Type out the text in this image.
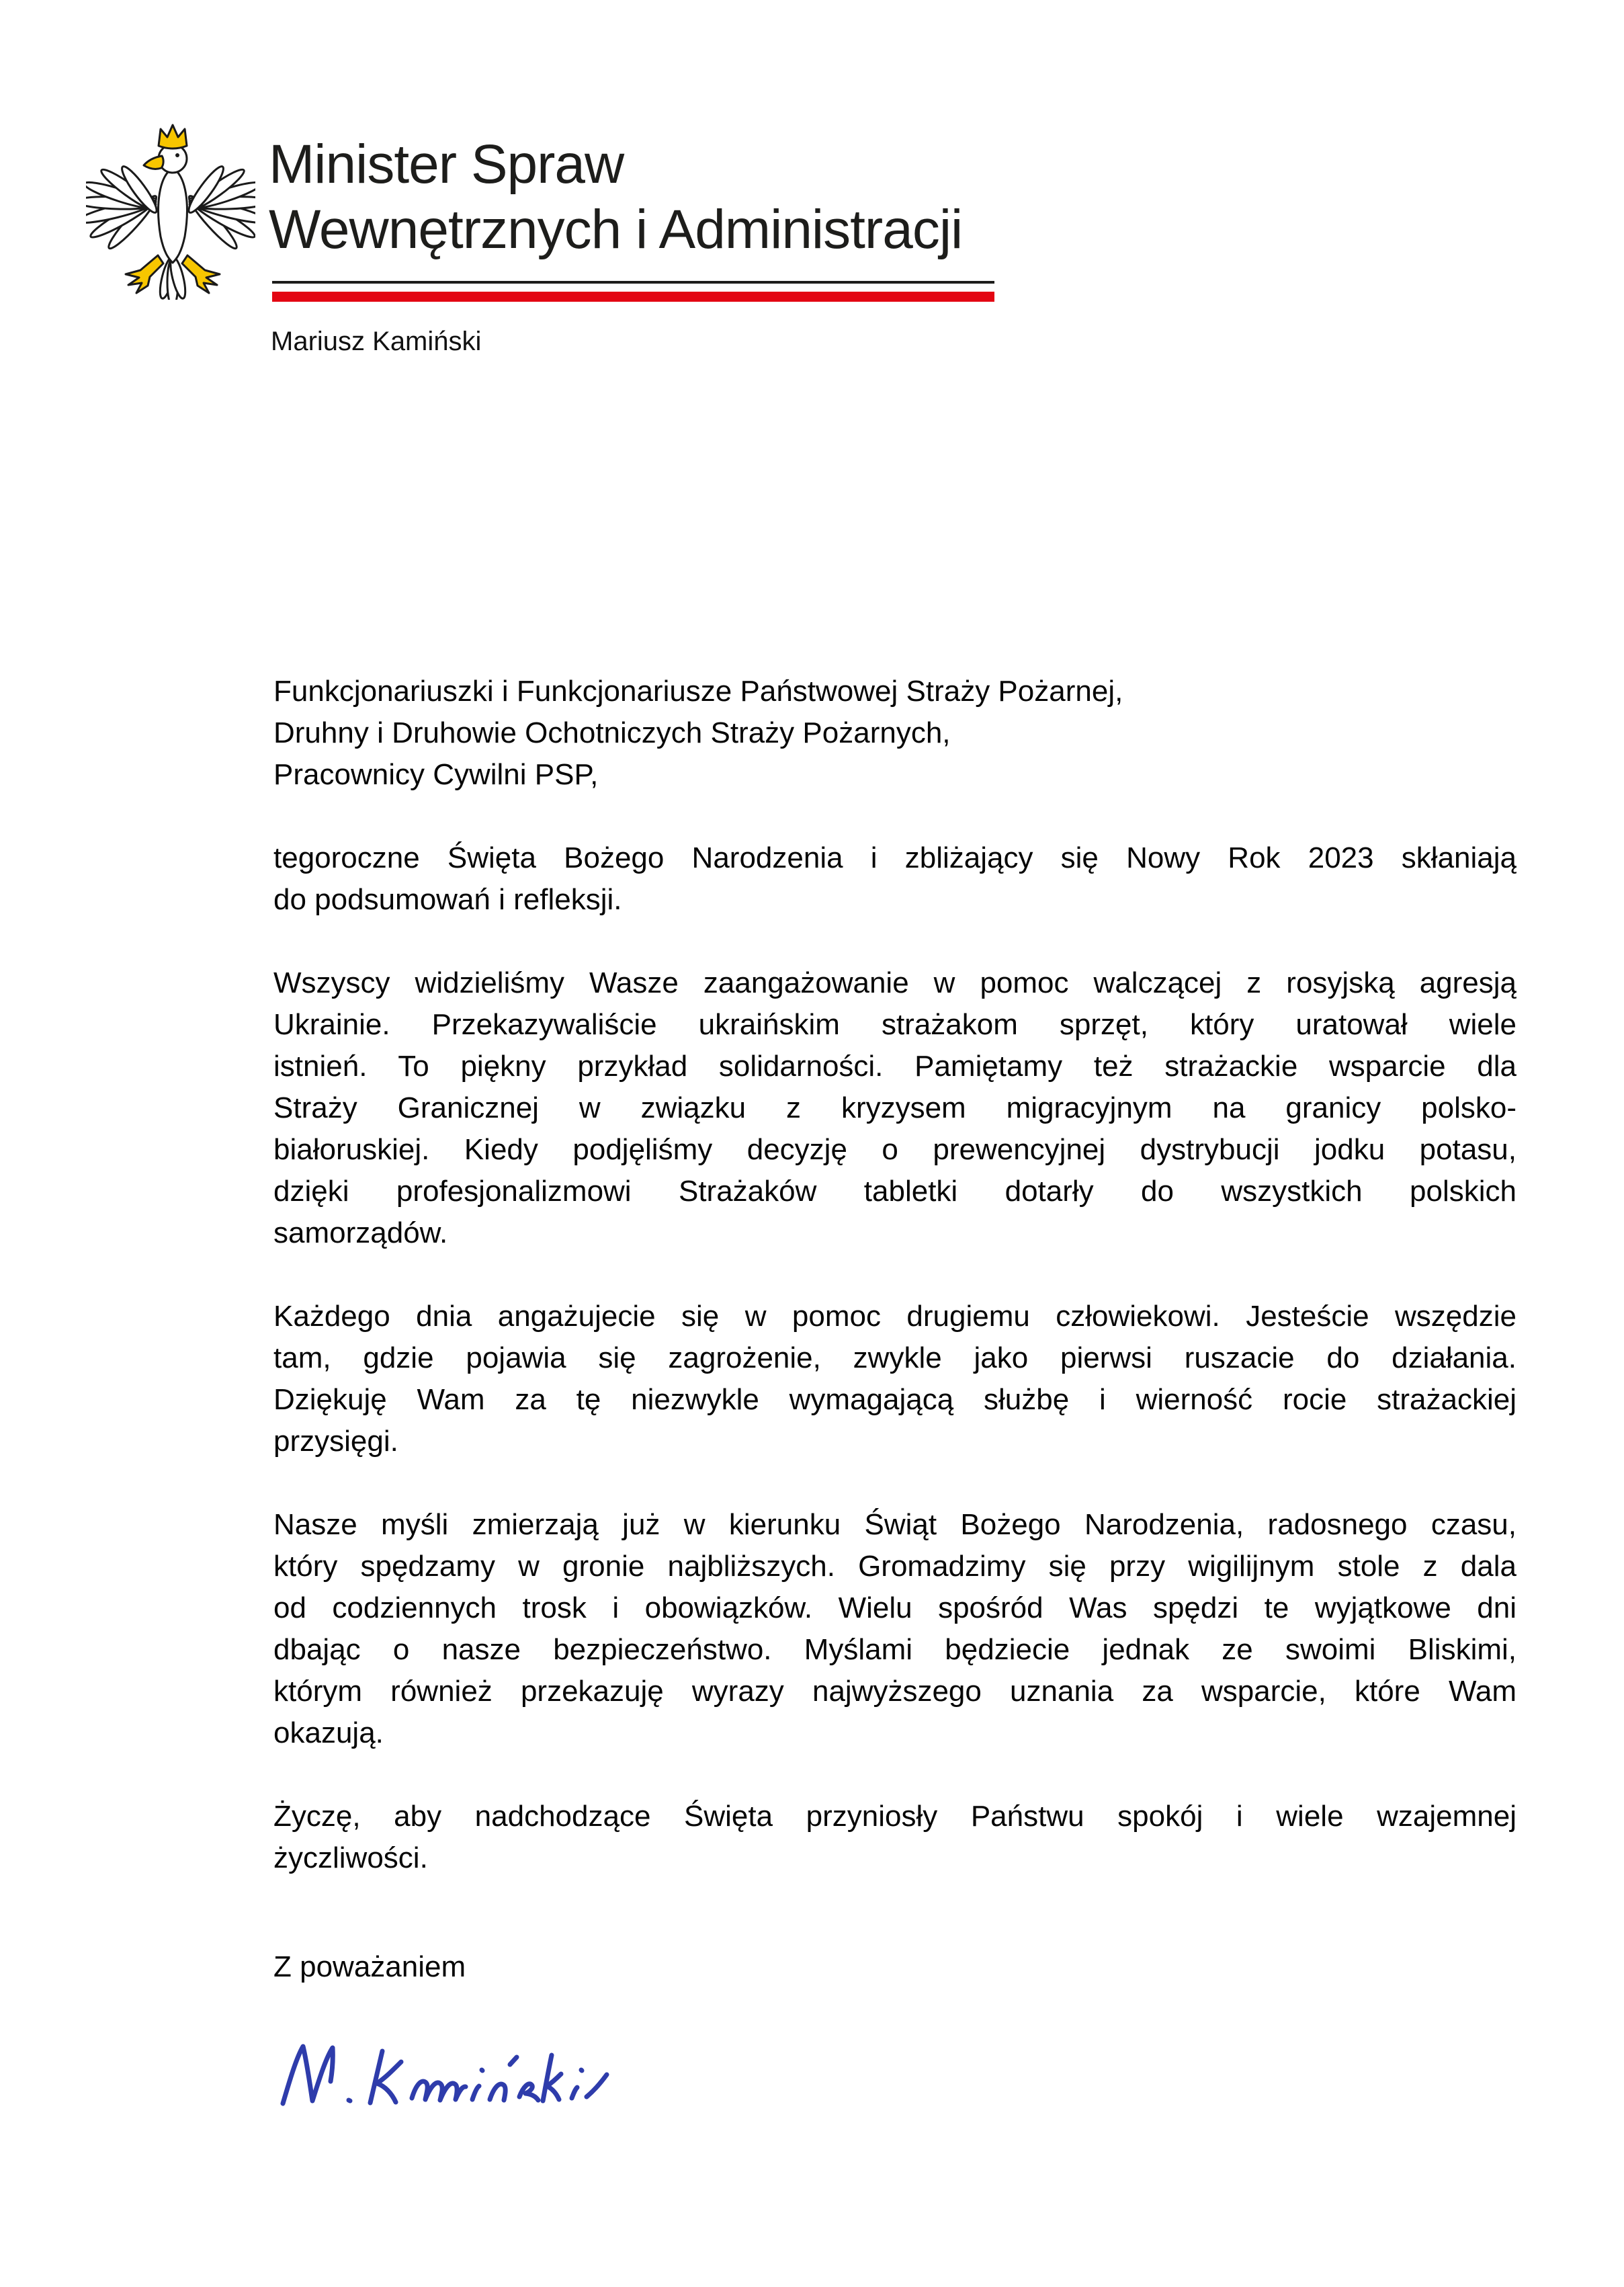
Minister Spraw
Wewnętrznych i Administracji
Mariusz Kamiński
Funkcjonariuszki i Funkcjonariusze Państwowej Straży Pożarnej,
Druhny i Druhowie Ochotniczych Straży Pożarnych,
Pracownicy Cywilni PSP,
tegoroczne Święta Bożego Narodzenia i zbliżający się Nowy Rok 2023 skłaniają
do podsumowań i refleksji.
Wszyscy widzieliśmy Wasze zaangażowanie w pomoc walczącej z rosyjską agresją
Ukrainie. Przekazywaliście ukraińskim strażakom sprzęt, który uratował wiele
istnień. To piękny przykład solidarności. Pamiętamy też strażackie wsparcie dla
Straży Granicznej w związku z kryzysem migracyjnym na granicy polsko-
białoruskiej. Kiedy podjęliśmy decyzję o prewencyjnej dystrybucji jodku potasu,
dzięki profesjonalizmowi Strażaków tabletki dotarły do wszystkich polskich
samorządów.
Każdego dnia angażujecie się w pomoc drugiemu człowiekowi. Jesteście wszędzie
tam, gdzie pojawia się zagrożenie, zwykle jako pierwsi ruszacie do działania.
Dziękuję Wam za tę niezwykle wymagającą służbę i wierność rocie strażackiej
przysięgi.
Nasze myśli zmierzają już w kierunku Świąt Bożego Narodzenia, radosnego czasu,
który spędzamy w gronie najbliższych. Gromadzimy się przy wigilijnym stole z dala
od codziennych trosk i obowiązków. Wielu spośród Was spędzi te wyjątkowe dni
dbając o nasze bezpieczeństwo. Myślami będziecie jednak ze swoimi Bliskimi,
którym również przekazuję wyrazy najwyższego uznania za wsparcie, które Wam
okazują.
Życzę, aby nadchodzące Święta przyniosły Państwu spokój i wiele wzajemnej
życzliwości.
Z poważaniem
